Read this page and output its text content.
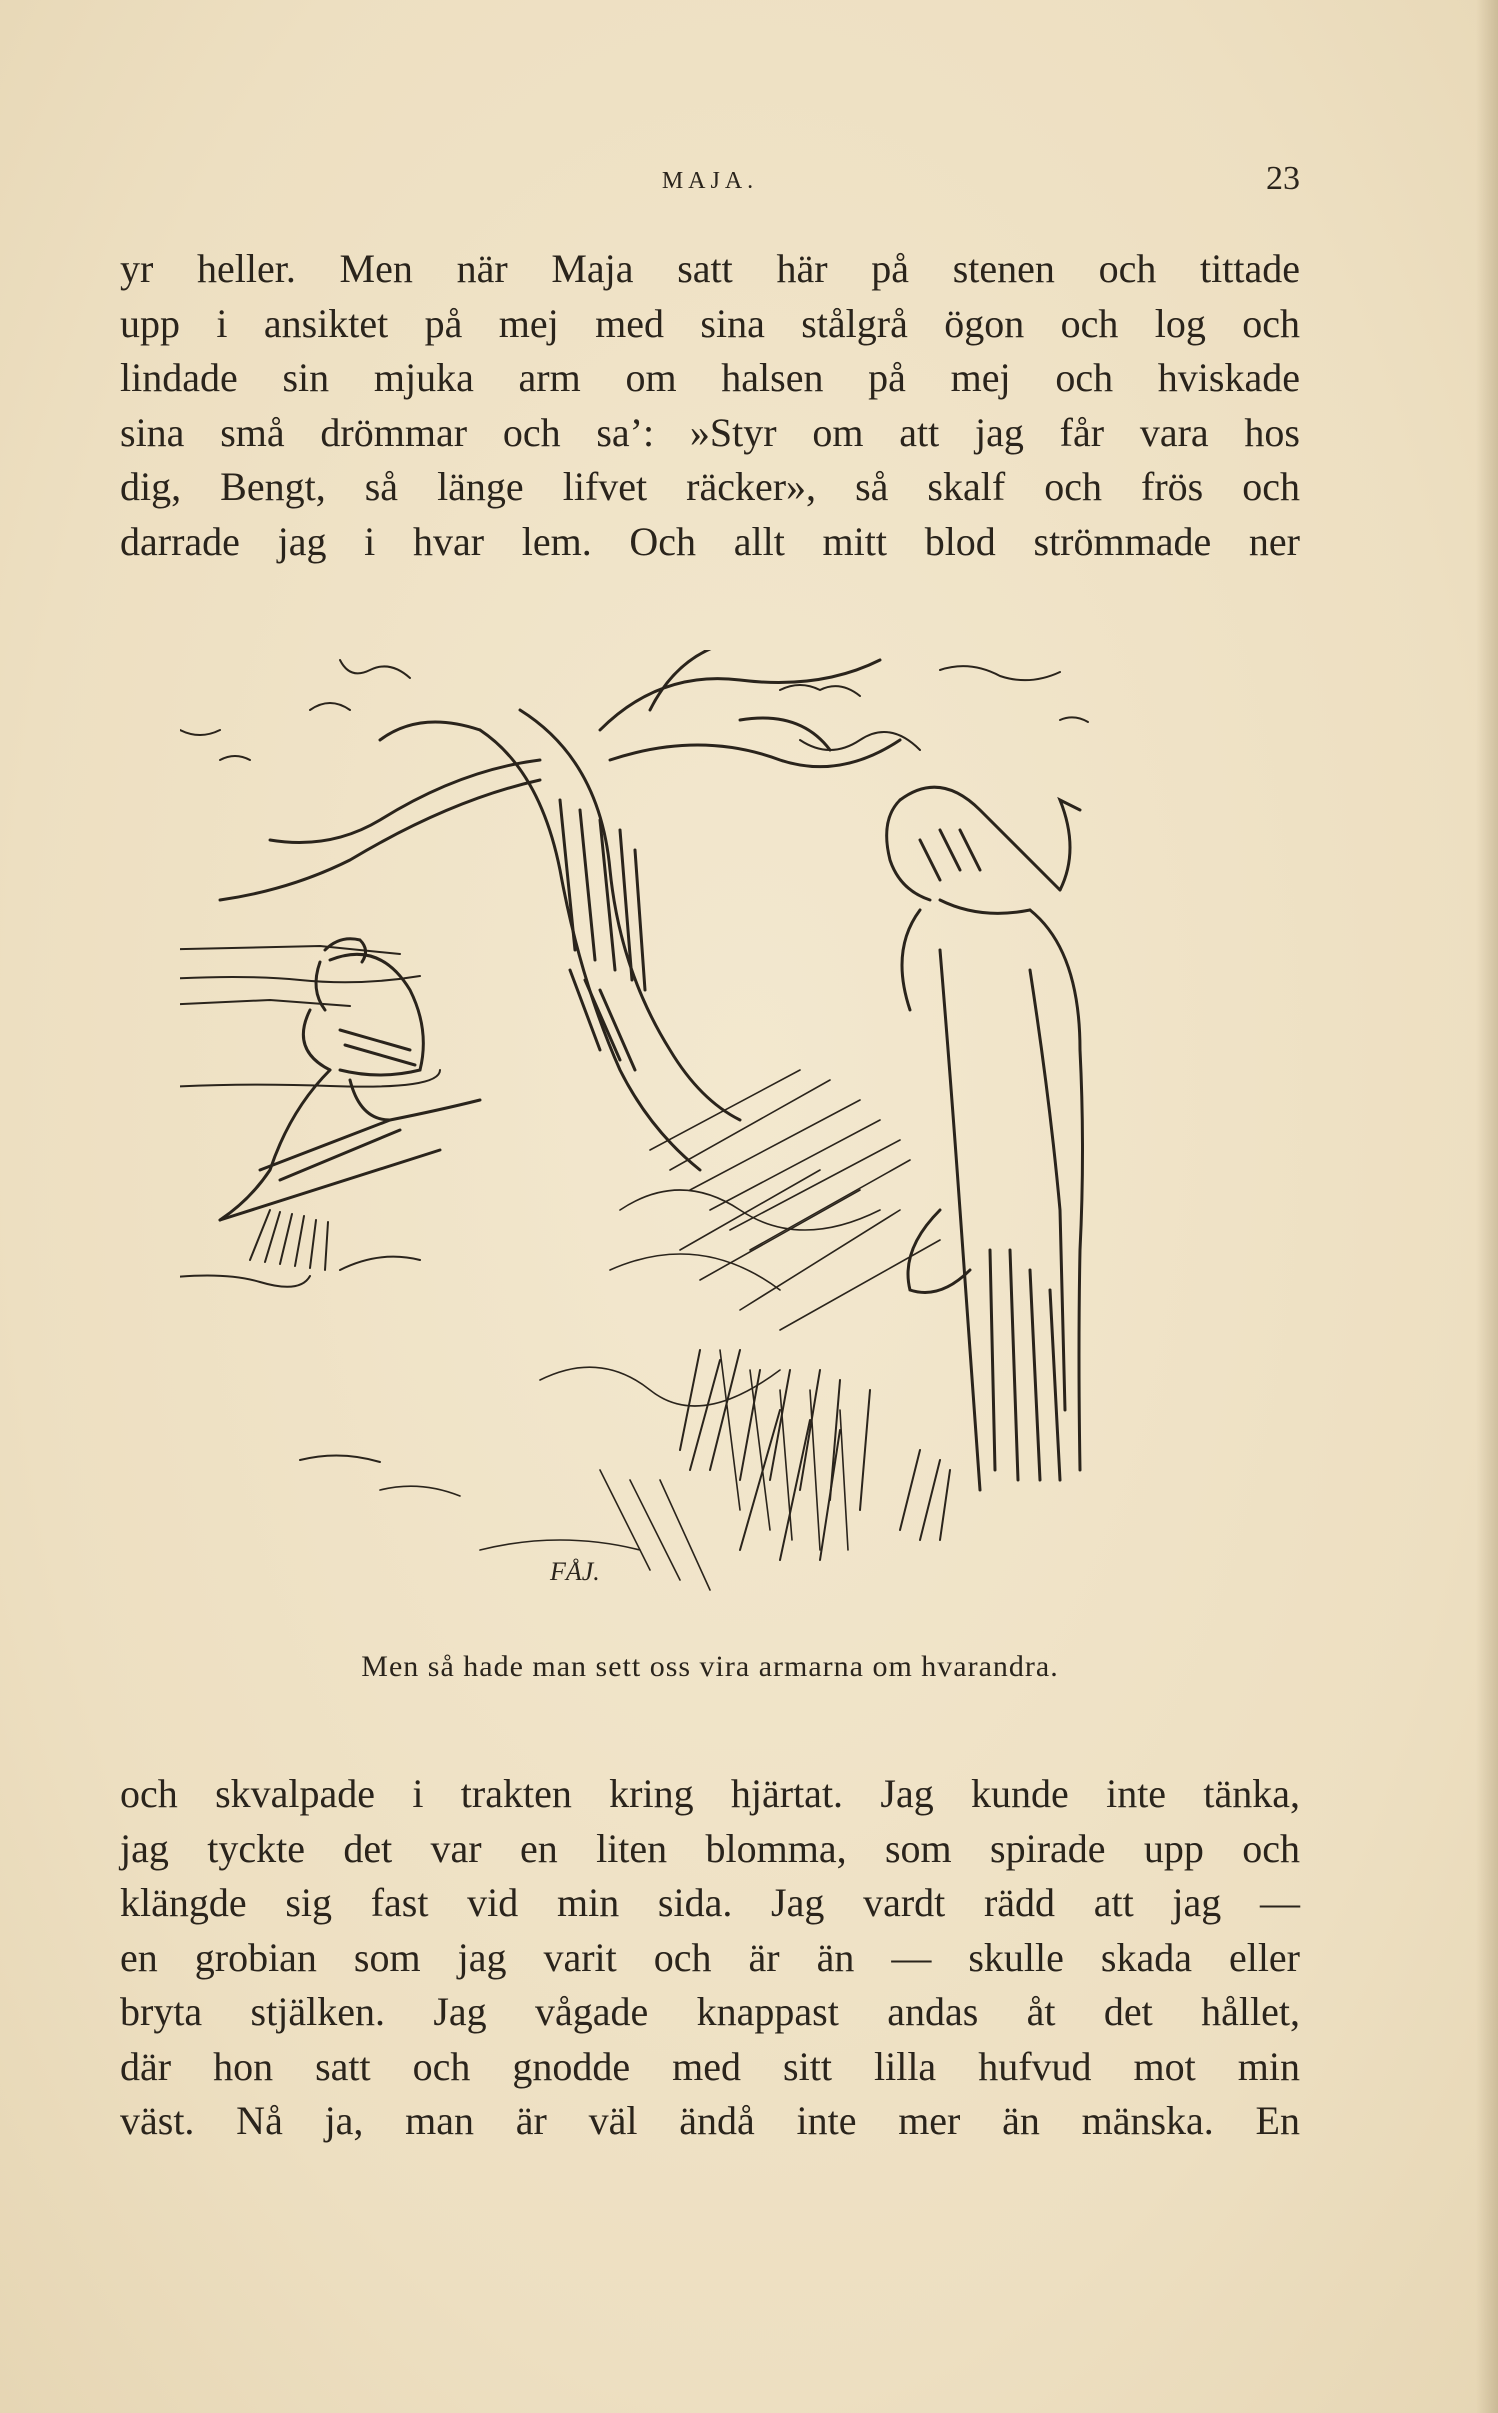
MAJA.	23
yr heller. Men när Maja satt här på stenen och tittade
upp i ansiktet på mej med sina stålgrå ögon och log och
lindade sin mjuka arm om halsen på mej och hviskade
sina små drömmar och sa’: »Styr om att jag får vara hos
dig, Bengt, så länge lifvet räcker», så skalf och frös och
darrade jag i hvar lem. Och allt mitt blod strömmade ner
FÅJ.
Men så hade man sett oss vira armarna om hvarandra.
och skvalpade i trakten kring hjärtat. Jag kunde inte tänka,
jag tyckte det var en liten blomma, som spirade upp och
klängde sig fast vid min sida. Jag vardt rädd att jag —
en grobian som jag varit och är än — skulle skada eller
bryta stjälken. Jag vågade knappast andas åt det hållet,
där hon satt och gnodde med sitt lilla hufvud mot min
väst. Nå ja, man är väl ändå inte mer än mänska. En
